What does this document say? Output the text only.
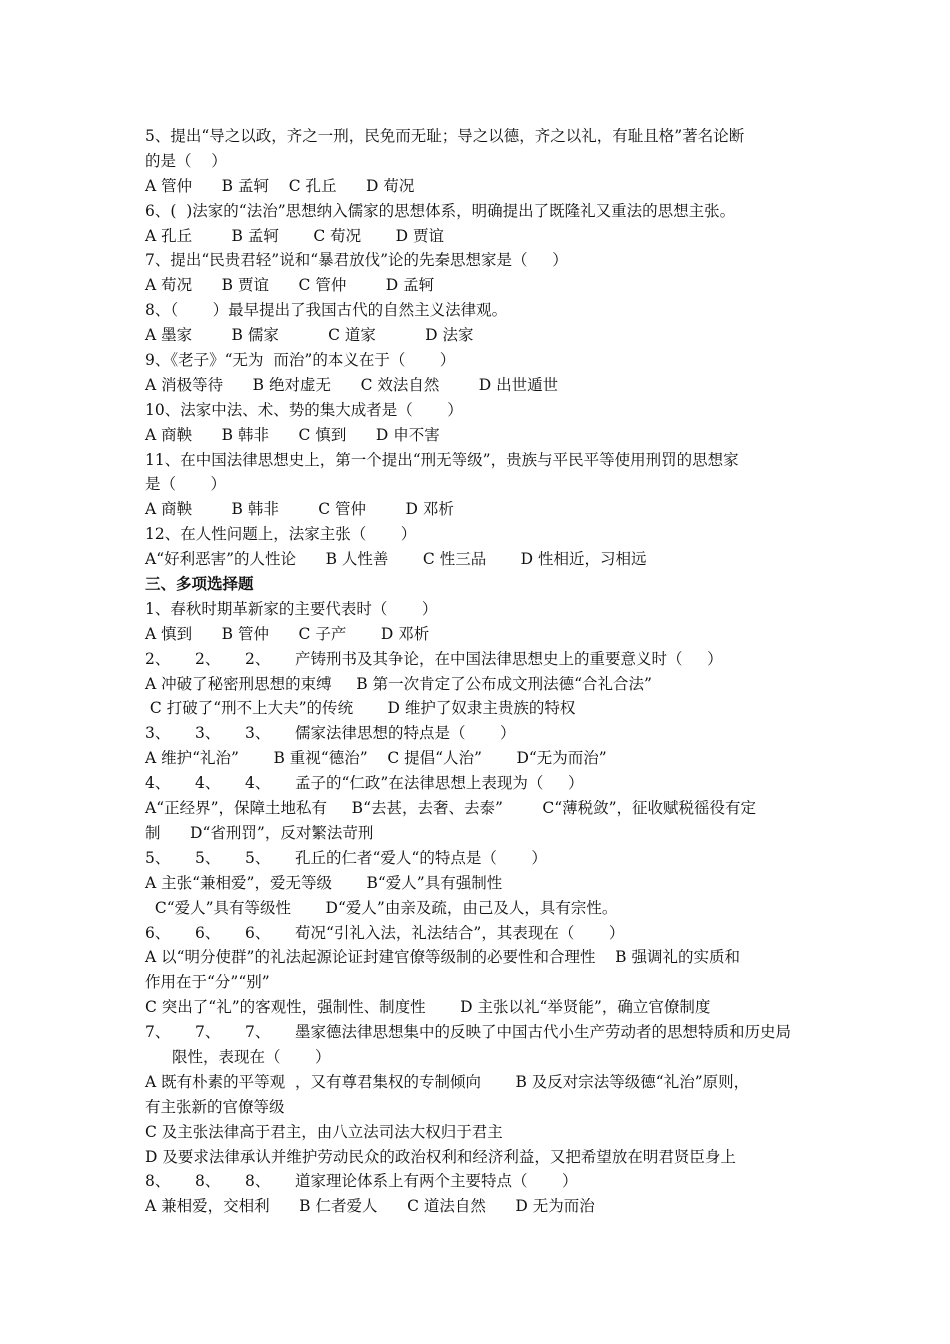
5、提出“导之以政，齐之一刑，民免而无耻；导之以德，齐之以礼，有耻且格”著名论断
的是（    ）
A 管仲      B 孟轲    C 孔丘      D 荀况
6、(  )法家的“法治”思想纳入儒家的思想体系，明确提出了既隆礼又重法的思想主张。
A 孔丘        B 孟轲       C 荀况       D 贾谊
7、提出“民贵君轻”说和“暴君放伐”论的先秦思想家是（     ）
A 荀况      B 贾谊      C 管仲        D 孟轲
8、（       ）最早提出了我国古代的自然主义法律观。
A 墨家        B 儒家          C 道家          D 法家
9、《老子》“无为  而治”的本义在于（       ）
A 消极等待      B 绝对虚无      C 效法自然        D 出世遁世
10、法家中法、术、势的集大成者是（       ）
A 商鞅      B 韩非      C 慎到      D 申不害
11、在中国法律思想史上，第一个提出“刑无等级”，贵族与平民平等使用刑罚的思想家
是（       ）
A 商鞅        B 韩非        C 管仲        D 邓析
12、在人性问题上，法家主张（       ）
A“好利恶害”的人性论      B 人性善       C 性三品       D 性相近，习相远
三、多项选择题
1、春秋时期革新家的主要代表时（       ）
A 慎到      B 管仲      C 子产       D 邓析
2、     2、     2、     产铸刑书及其争论，在中国法律思想史上的重要意义时（     ）
A 冲破了秘密刑思想的束缚     B 第一次肯定了公布成文刑法德“合礼合法”
C 打破了“刑不上大夫”的传统       D 维护了奴隶主贵族的特权
3、     3、     3、     儒家法律思想的特点是（       ）
A 维护“礼治”       B 重视“德治”    C 提倡“人治”       D“无为而治”
4、     4、     4、     孟子的“仁政”在法律思想上表现为（     ）
A“正经界”，保障土地私有     B“去甚，去奢、去泰”        C“薄税敛”，征收赋税徭役有定
制      D“省刑罚”，反对繁法苛刑
5、     5、     5、     孔丘的仁者“爱人“的特点是（       ）
A 主张“兼相爱”，爱无等级       B“爱人”具有强制性
C“爱人”具有等级性       D“爱人”由亲及疏，由己及人，具有宗性。
6、     6、     6、     荀况“引礼入法，礼法结合”，其表现在（       ）
A 以“明分使群”的礼法起源论证封建官僚等级制的必要性和合理性    B 强调礼的实质和
作用在于“分”“别”
C 突出了“礼”的客观性，强制性、制度性       D 主张以礼“举贤能”，确立官僚制度
7、     7、     7、     墨家德法律思想集中的反映了中国古代小生产劳动者的思想特质和历史局
限性，表现在（       ）
A 既有朴素的平等观  ，又有尊君集权的专制倾向       B 及反对宗法等级德“礼治”原则，
有主张新的官僚等级
C 及主张法律高于君主，由八立法司法大权归于君主
D 及要求法律承认并维护劳动民众的政治权利和经济利益，又把希望放在明君贤臣身上
8、     8、     8、     道家理论体系上有两个主要特点（       ）
A 兼相爱，交相利      B 仁者爱人      C 道法自然      D 无为而治
